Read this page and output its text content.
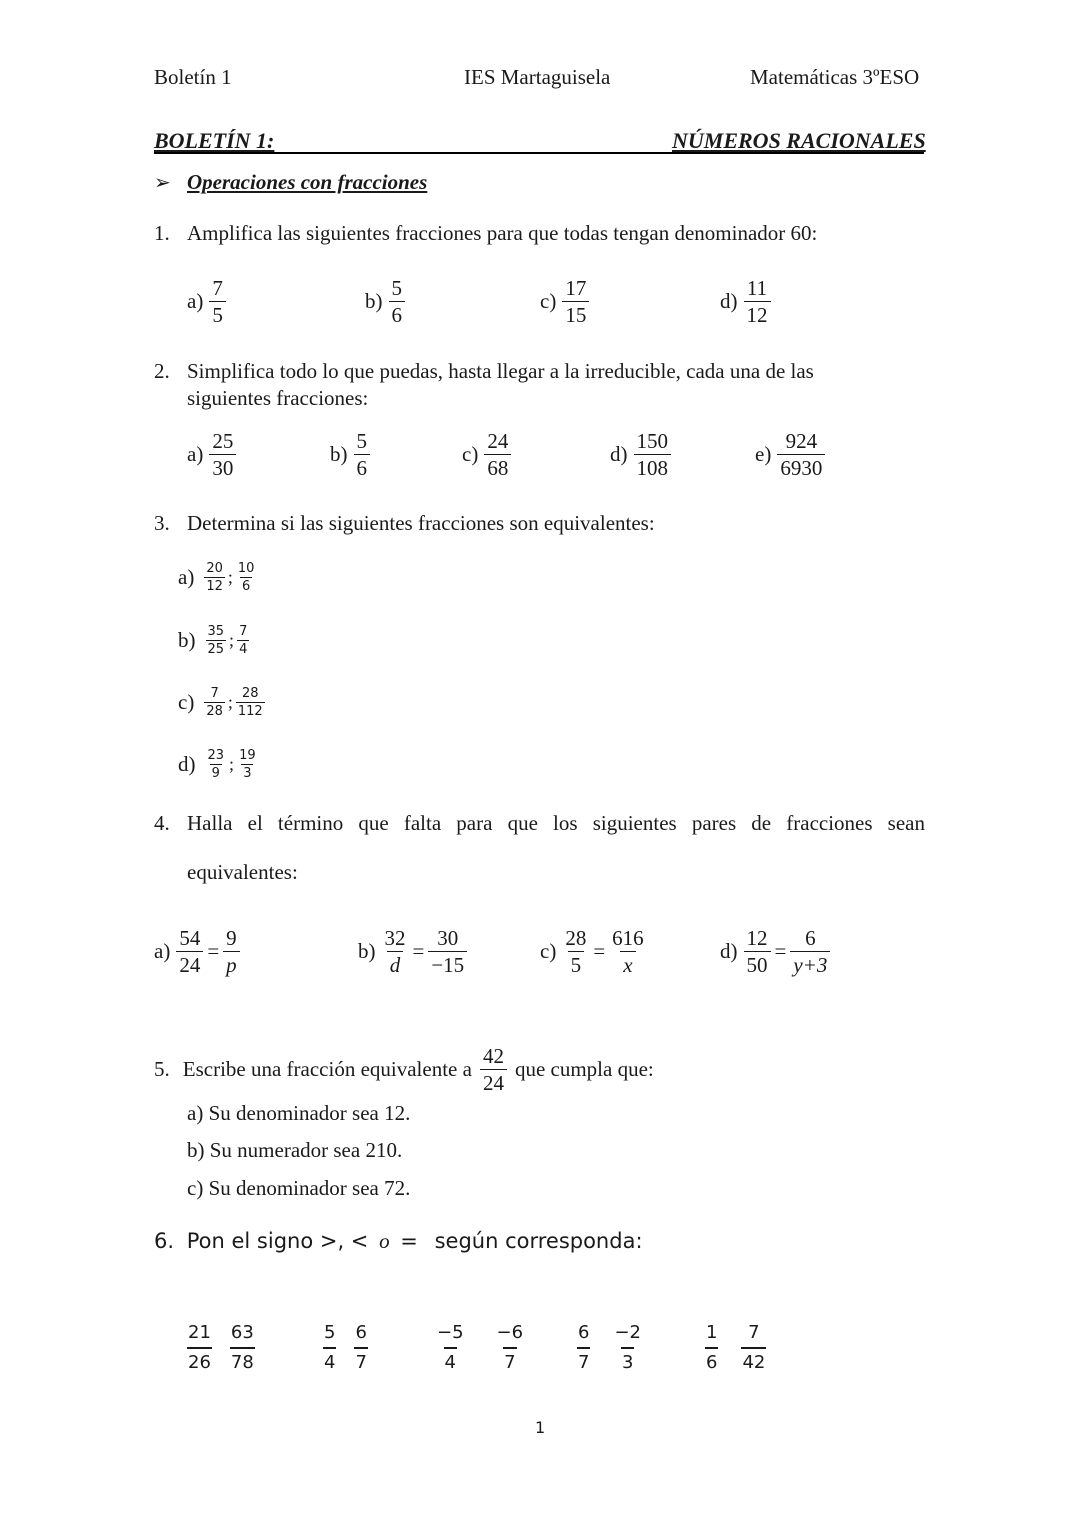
Boletín 1	IES Martaguisela	Matemáticas 3ºESO
BOLETÍN 1:	NÚMEROS RACIONALES
➢ Operaciones con fracciones
1. Amplifica las siguientes fracciones para que todas tengan denominador 60:
$a) \frac{7}{5}$	$b) \frac{5}{6}$	$c) \frac{17}{15}$	$d) \frac{11}{12}$
2. Simplifica todo lo que puedas, hasta llegar a la irreducible, cada una de las
siguientes fracciones:
$a) \frac{25}{30}$	$b) \frac{5}{6}$	$c) \frac{24}{68}$	$d) \frac{150}{108}$	$e) \frac{924}{6930}$
3. Determina si las siguientes fracciones son equivalentes:
$a) \frac{20}{12}$ ; $\frac{10}{6}$
$b) \frac{35}{25}$ ; $\frac{7}{4}$
$c) \frac{7}{28}$ ; $\frac{28}{112}$
$d) \frac{23}{9}$ ; $\frac{19}{3}$
4. Halla el término que falta para que los siguientes pares de fracciones sean
equivalentes:
$a) \frac{54}{24} = \frac{9}{p}$	$b) \frac{32}{d} = \frac{30}{-15}$	$c) \frac{28}{5} = \frac{616}{x}$	$d) \frac{12}{50} = \frac{6}{y+3}$
5. Escribe una fracción equivalente a $\frac{42}{24}$ que cumpla que:
a) Su denominador sea 12.
b) Su numerador sea 210.
c) Su denominador sea 72.
6. Pon el signo >, < o = según corresponda:
$\frac{21}{26} \frac{63}{78}$	$\frac{5}{4} \frac{6}{7}$	$\frac{-5}{4} \frac{-6}{7}$	$\frac{6}{7} \frac{-2}{3}$	$\frac{1}{6} \frac{7}{42}$
1
